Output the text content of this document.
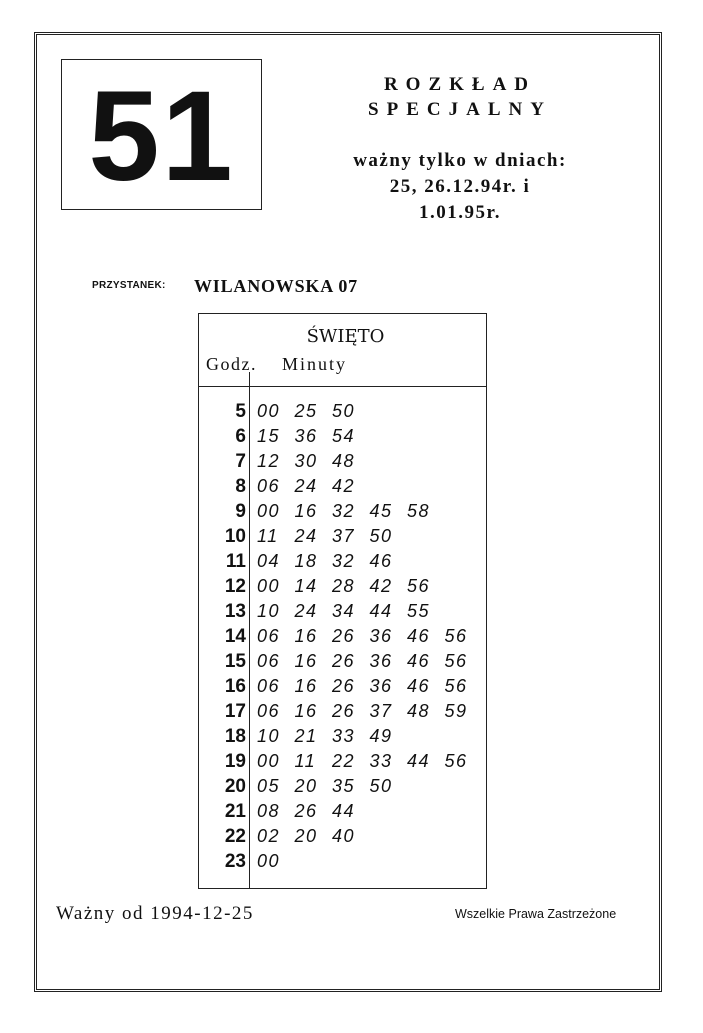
51	ROZKŁAD
SPECJALNY
ważny tylko w dniach:
25, 26.12.94r. i
1.01.95r.
PRZYSTANEK: WILANOWSKA 07
ŚWIĘTO
Godz. Minuty
5 00 25 50
6 15 36 54
7 12 30 48
8 06 24 42
9 00 16 32 45 58
10 11 24 37 50
11 04 18 32 46
12 00 14 28 42 56
13 10 24 34 44 55
14 06 16 26 36 46 56
15 06 16 26 36 46 56
16 06 16 26 36 46 56
17 06 16 26 37 48 59
18 10 21 33 49
19 00 11 22 33 44 56
20 05 20 35 50
21 08 26 44
22 02 20 40
23 00
Ważny od 1994-12-25	Wszelkie Prawa Zastrzeżone
